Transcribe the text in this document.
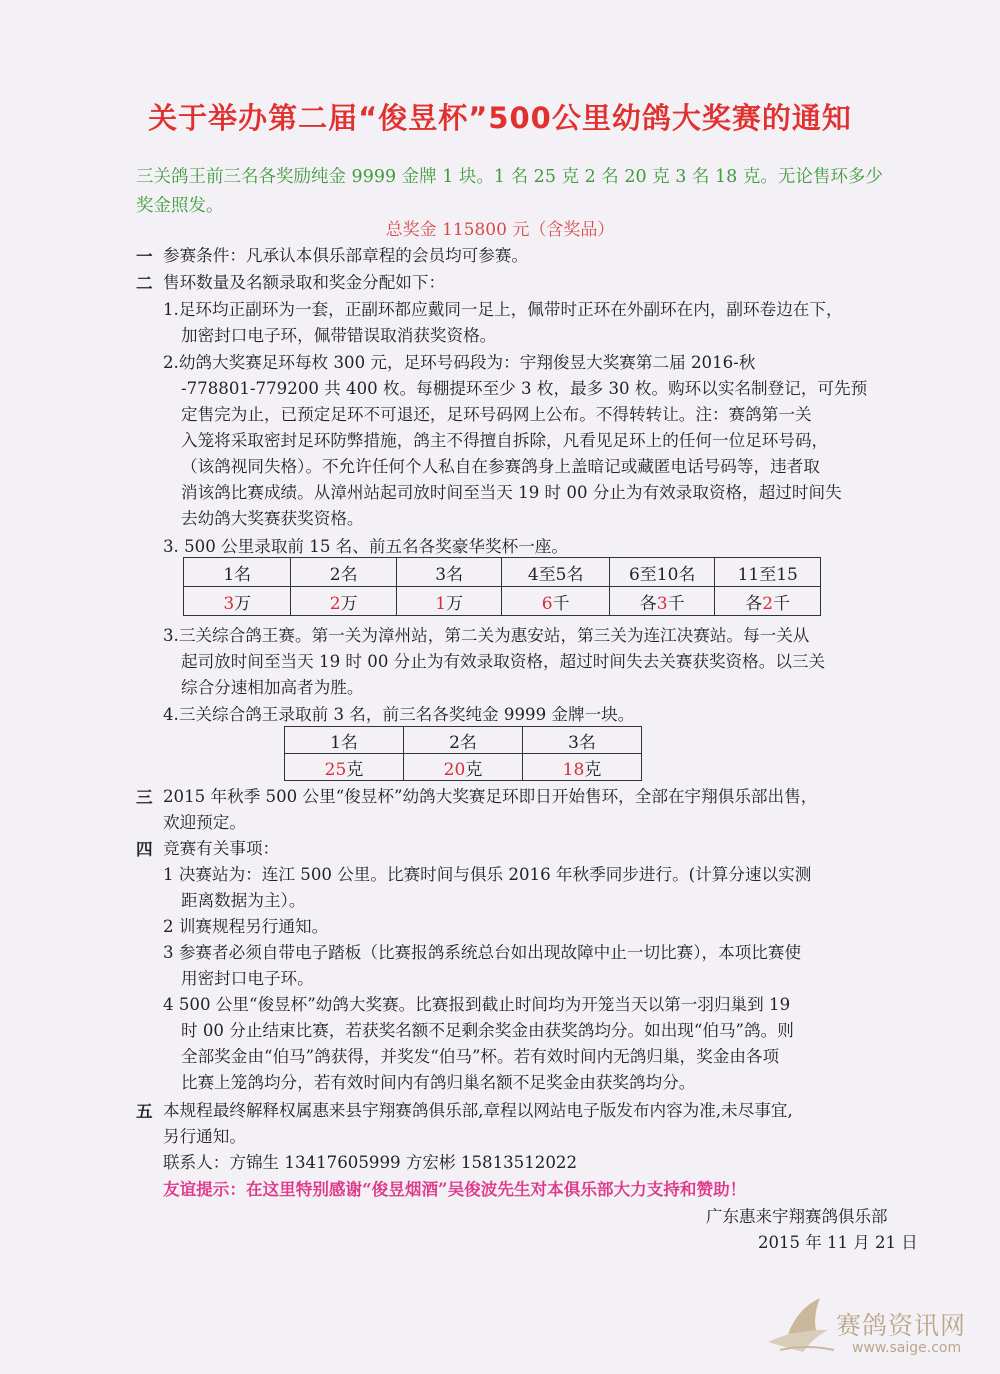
关于举办第二届“俊昱杯”500公里幼鸽大奖赛的通知
三关鸽王前三名各奖励纯金 9999 金牌 1 块。1 名 25 克 2 名 20 克 3 名 18 克。无论售环多少
奖金照发。
总奖金 115800 元（含奖品）
一 参赛条件：凡承认本俱乐部章程的会员均可参赛。
二 售环数量及名额录取和奖金分配如下：
1.足环均正副环为一套，正副环都应戴同一足上，佩带时正环在外副环在内，副环卷边在下，
加密封口电子环，佩带错误取消获奖资格。
2.幼鸽大奖赛足环每枚 300 元，足环号码段为：宇翔俊昱大奖赛第二届 2016-秋
-778801-779200 共 400 枚。每棚提环至少 3 枚，最多 30 枚。购环以实名制登记，可先预
定售完为止，已预定足环不可退还，足环号码网上公布。不得转转让。注：赛鸽第一关
入笼将采取密封足环防弊措施，鸽主不得擅自拆除，凡看见足环上的任何一位足环号码，
（该鸽视同失格）。不允许任何个人私自在参赛鸽身上盖暗记或藏匿电话号码等，违者取
消该鸽比赛成绩。从漳州站起司放时间至当天 19 时 00 分止为有效录取资格，超过时间失
去幼鸽大奖赛获奖资格。
3. 500 公里录取前 15 名、前五名各奖豪华奖杯一座。
1名	2名	3名	4至5名	6至10名	11至15
3万	2万	1万	6千	各3千	各2千
3.三关综合鸽王赛。第一关为漳州站，第二关为惠安站，第三关为连江决赛站。每一关从
起司放时间至当天 19 时 00 分止为有效录取资格，超过时间失去关赛获奖资格。以三关
综合分速相加高者为胜。
4.三关综合鸽王录取前 3 名，前三名各奖纯金 9999 金牌一块。
1名	2名	3名
25克	20克	18克
三 2015 年秋季 500 公里“俊昱杯”幼鸽大奖赛足环即日开始售环，全部在宇翔俱乐部出售，
欢迎预定。
四 竞赛有关事项：
1 决赛站为：连江 500 公里。比赛时间与俱乐 2016 年秋季同步进行。(计算分速以实测
距离数据为主）。
2 训赛规程另行通知。
3 参赛者必须自带电子踏板（比赛报鸽系统总台如出现故障中止一切比赛），本项比赛使
用密封口电子环。
4 500 公里“俊昱杯”幼鸽大奖赛。比赛报到截止时间均为开笼当天以第一羽归巢到 19
时 00 分止结束比赛，若获奖名额不足剩余奖金由获奖鸽均分。如出现“伯马”鸽。则
全部奖金由“伯马”鸽获得，并奖发“伯马”杯。若有效时间内无鸽归巢，奖金由各项
比赛上笼鸽均分，若有效时间内有鸽归巢名额不足奖金由获奖鸽均分。
五 本规程最终解释权属惠来县宇翔赛鸽俱乐部,章程以网站电子版发布内容为准,未尽事宜,
另行通知。
联系人：方锦生 13417605999 方宏彬 15813512022
友谊提示：在这里特别感谢“俊昱烟酒”吴俊波先生对本俱乐部大力支持和赞助！
广东惠来宇翔赛鸽俱乐部
2015 年 11 月 21 日
赛鸽资讯网
www.saige.com
